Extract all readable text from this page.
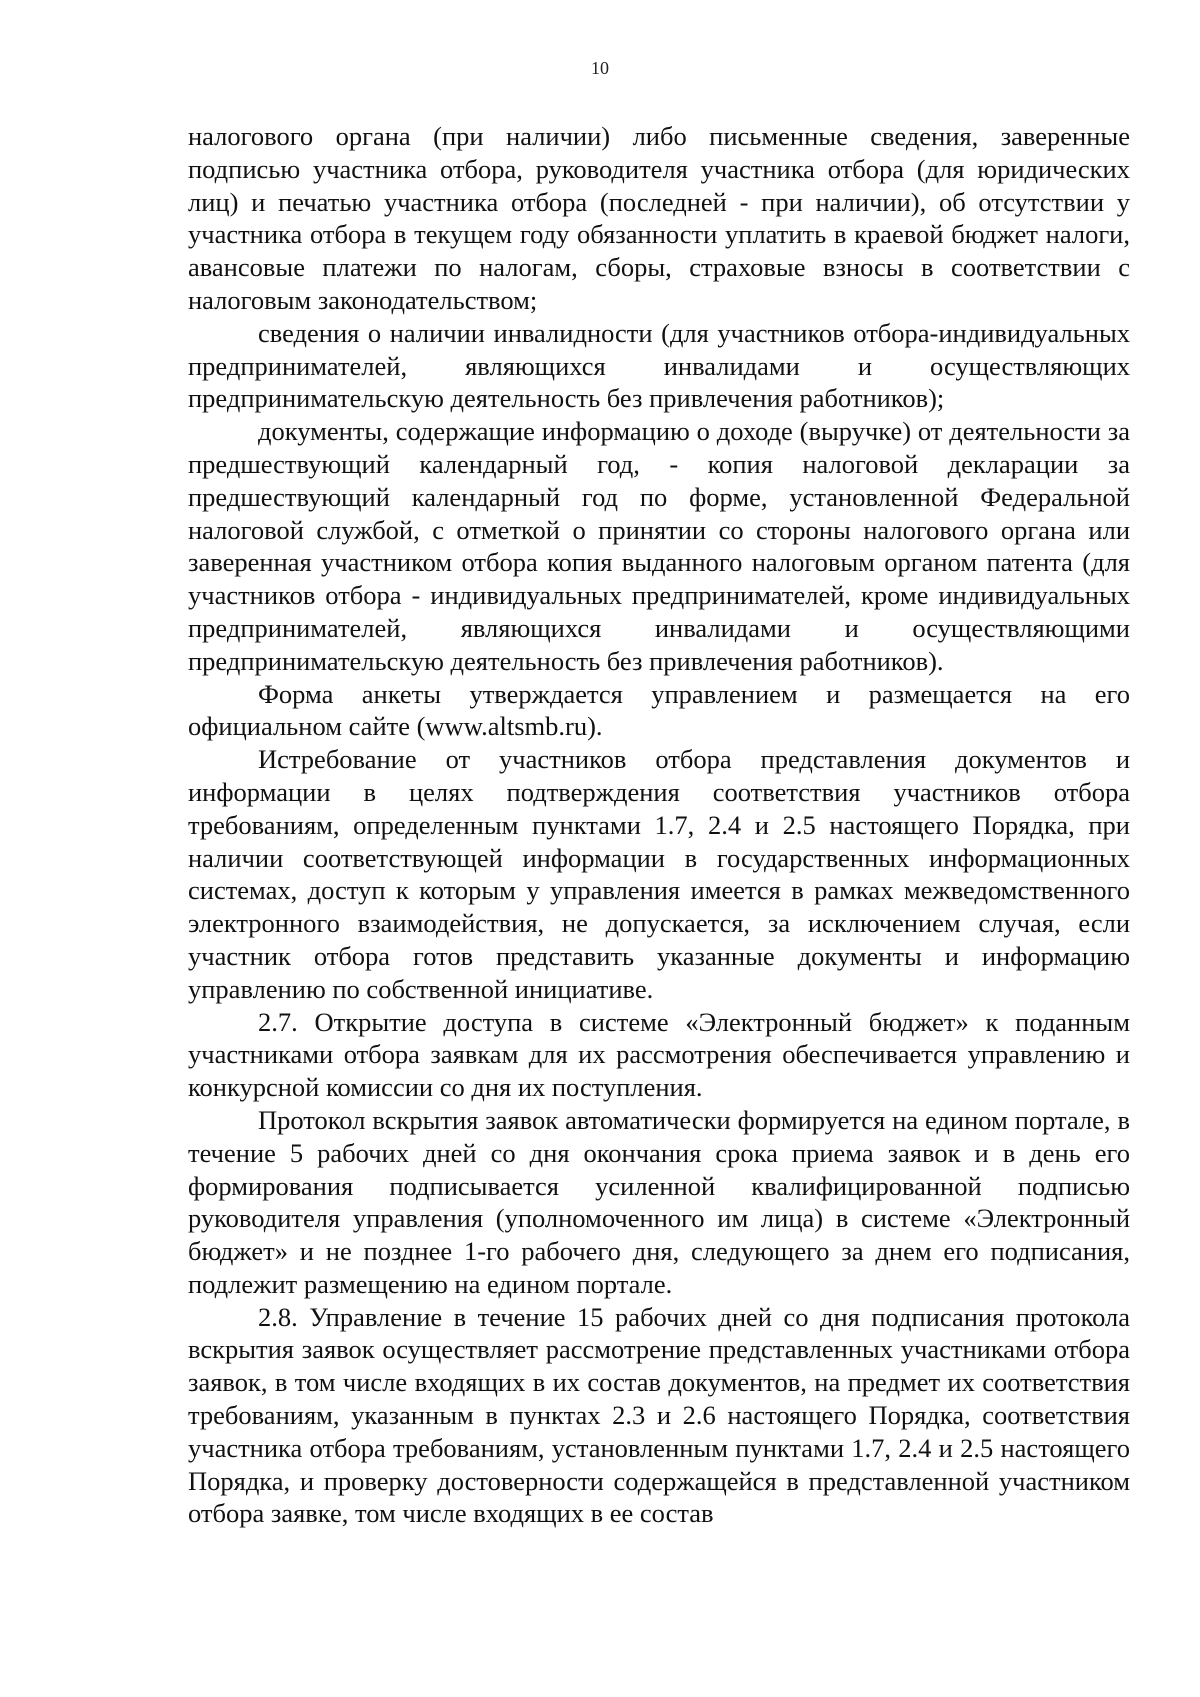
10

налогового органа (при наличии) либо письменные сведения, заверенные подписью участника отбора, руководителя участника отбора (для юридических лиц) и печатью участника отбора (последней - при наличии), об отсутствии у участника отбора в текущем году обязанности уплатить в краевой бюджет налоги, авансовые платежи по налогам, сборы, страховые взносы в соответствии с налоговым законодательством;

сведения о наличии инвалидности (для участников отбора-индивидуальных предпринимателей, являющихся инвалидами и осуществляющих предпринимательскую деятельность без привлечения работников);

документы, содержащие информацию о доходе (выручке) от деятельности за предшествующий календарный год, - копия налоговой декларации за предшествующий календарный год по форме, установленной Федеральной налоговой службой, с отметкой о принятии со стороны налогового органа или заверенная участником отбора копия выданного налоговым органом патента (для участников отбора - индивидуальных предпринимателей, кроме индивидуальных предпринимателей, являющихся инвалидами и осуществляющими предпринимательскую деятельность без привлечения работников).

Форма анкеты утверждается управлением и размещается на его официальном сайте (www.altsmb.ru).

Истребование от участников отбора представления документов и информации в целях подтверждения соответствия участников отбора требованиям, определенным пунктами 1.7, 2.4 и 2.5 настоящего Порядка, при наличии соответствующей информации в государственных информационных системах, доступ к которым у управления имеется в рамках межведомственного электронного взаимодействия, не допускается, за исключением случая, если участник отбора готов представить указанные документы и информацию управлению по собственной инициативе.

2.7. Открытие доступа в системе «Электронный бюджет» к поданным участниками отбора заявкам для их рассмотрения обеспечивается управлению и конкурсной комиссии со дня их поступления.

Протокол вскрытия заявок автоматически формируется на едином портале, в течение 5 рабочих дней со дня окончания срока приема заявок и в день его формирования подписывается усиленной квалифицированной подписью руководителя управления (уполномоченного им лица) в системе «Электронный бюджет» и не позднее 1-го рабочего дня, следующего за днем его подписания, подлежит размещению на едином портале.

2.8. Управление в течение 15 рабочих дней со дня подписания протокола вскрытия заявок осуществляет рассмотрение представленных участниками отбора заявок, в том числе входящих в их состав документов, на предмет их соответствия требованиям, указанным в пунктах 2.3 и 2.6 настоящего Порядка, соответствия участника отбора требованиям, установленным пунктами 1.7, 2.4 и 2.5 настоящего Порядка, и проверку достоверности содержащейся в представленной участником отбора заявке, том числе входящих в ее состав
